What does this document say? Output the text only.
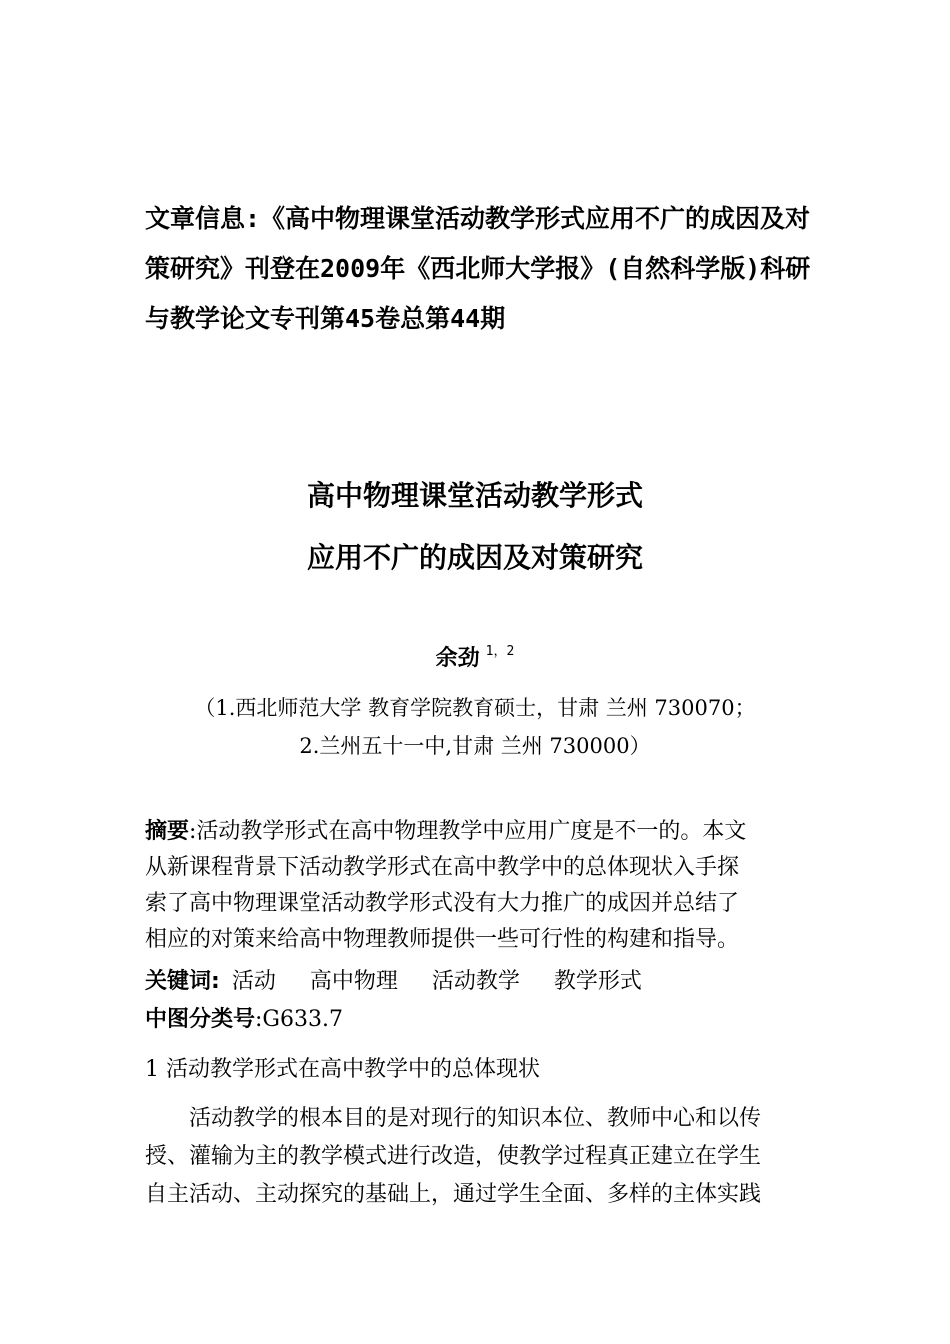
文章信息:《高中物理课堂活动教学形式应用不广的成因及对
策研究》刊登在2009年《西北师大学报》(自然科学版)科研
与教学论文专刊第45卷总第44期
高中物理课堂活动教学形式
应用不广的成因及对策研究
余劲 $^{1,2}$
（1.西北师范大学 教育学院教育硕士，甘肃 兰州 730070；
2.兰州五十一中,甘肃 兰州 730000）
摘要:活动教学形式在高中物理教学中应用广度是不一的。本文
从新课程背景下活动教学形式在高中教学中的总体现状入手探
索了高中物理课堂活动教学形式没有大力推广的成因并总结了
相应的对策来给高中物理教师提供一些可行性的构建和指导。
关键词: 活动 高中物理 活动教学 教学形式
中图分类号:G633.7
1 活动教学形式在高中教学中的总体现状
活动教学的根本目的是对现行的知识本位、教师中心和以传
授、灌输为主的教学模式进行改造，使教学过程真正建立在学生
自主活动、主动探究的基础上，通过学生全面、多样的主体实践
